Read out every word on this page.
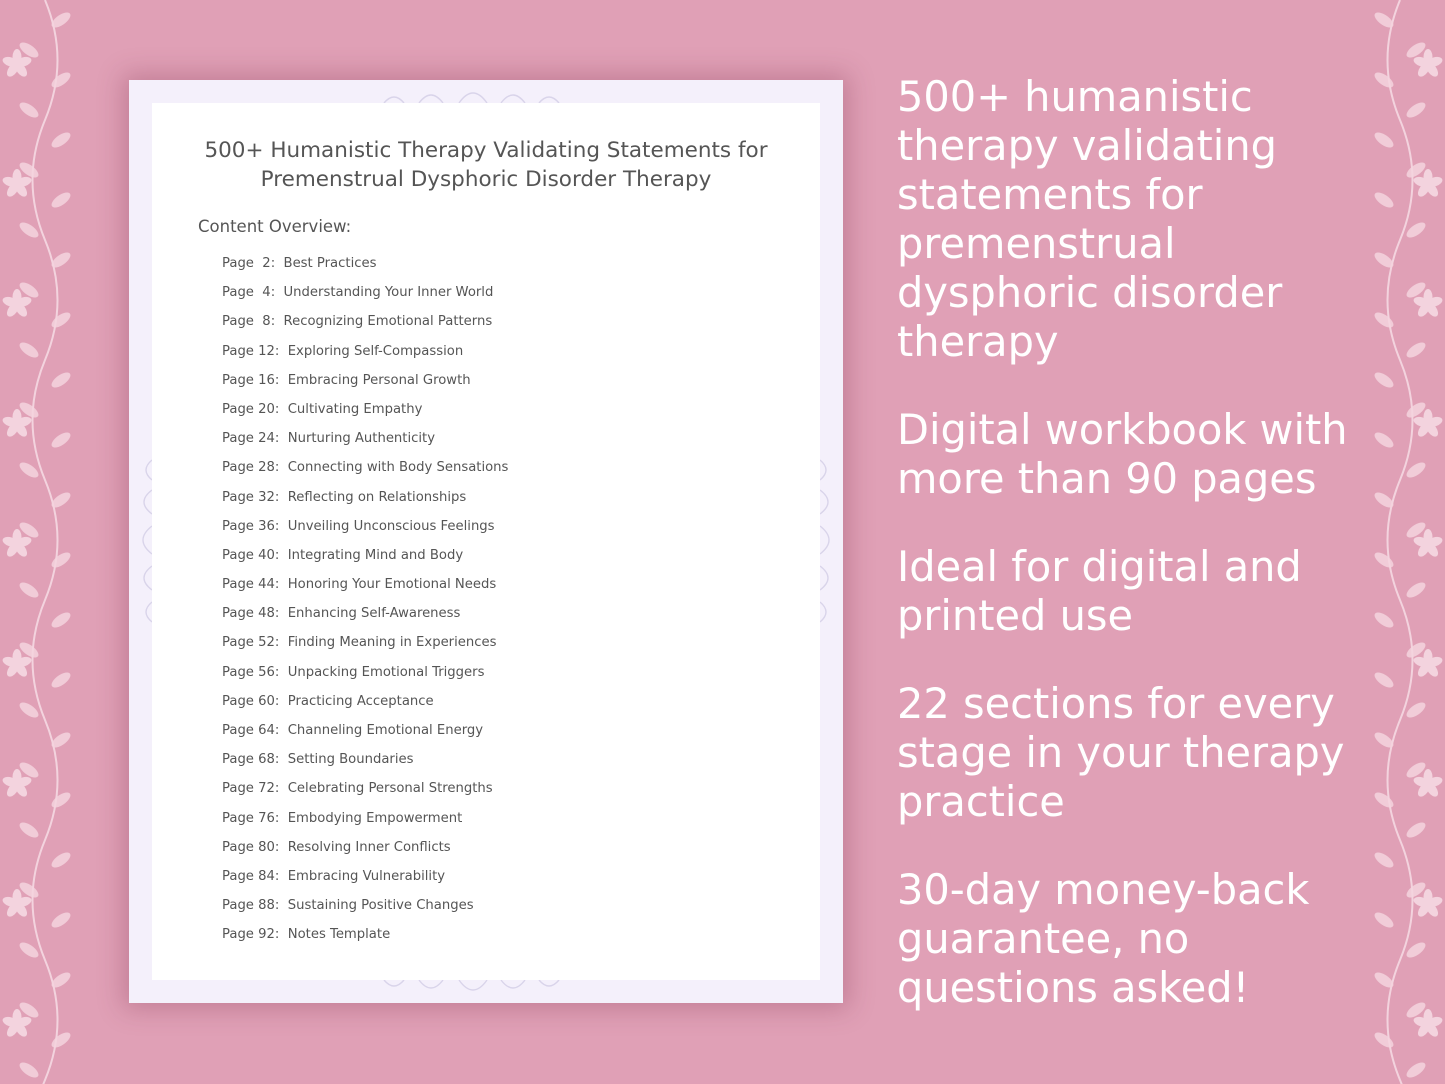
500+ Humanistic Therapy Validating Statements for
Premenstrual Dysphoric Disorder Therapy
Content Overview:
Page  2:  Best Practices
Page  4:  Understanding Your Inner World
Page  8:  Recognizing Emotional Patterns
Page 12:  Exploring Self-Compassion
Page 16:  Embracing Personal Growth
Page 20:  Cultivating Empathy
Page 24:  Nurturing Authenticity
Page 28:  Connecting with Body Sensations
Page 32:  Reflecting on Relationships
Page 36:  Unveiling Unconscious Feelings
Page 40:  Integrating Mind and Body
Page 44:  Honoring Your Emotional Needs
Page 48:  Enhancing Self-Awareness
Page 52:  Finding Meaning in Experiences
Page 56:  Unpacking Emotional Triggers
Page 60:  Practicing Acceptance
Page 64:  Channeling Emotional Energy
Page 68:  Setting Boundaries
Page 72:  Celebrating Personal Strengths
Page 76:  Embodying Empowerment
Page 80:  Resolving Inner Conflicts
Page 84:  Embracing Vulnerability
Page 88:  Sustaining Positive Changes
Page 92:  Notes Template

500+ humanistic
therapy validating
statements for
premenstrual
dysphoric disorder
therapy

Digital workbook with
more than 90 pages

Ideal for digital and
printed use

22 sections for every
stage in your therapy
practice

30-day money-back
guarantee, no
questions asked!
